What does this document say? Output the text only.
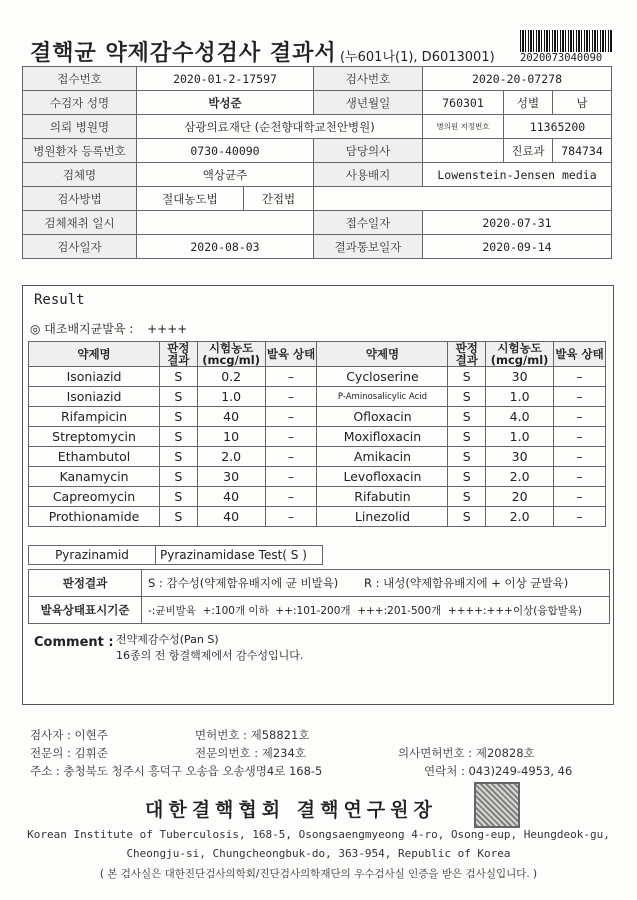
결핵균 약제감수성검사 결과서 (누601나(1), D6013001) 2020073040090
접수번호	2020-01-2-17597		검사번호	2020-20-07278		
수검자 성명	박성준		생년월일	760301	성별	남
의뢰 병원명	삼광의료재단 (순천향대학교천안병원)			병의원 지정번호	11365200	
병원환자 등록번호	0730-40090		담당의사		진료과	784734
검체명	액상균주		사용배지	Lowenstein-Jensen media		
검사방법	절대농도법	간접법				
검체채취 일시			접수일자	2020-07-31		
검사일자	2020-08-03		결과통보일자	2020-09-14		
Result
◎ 대조배지균발육 : ++++
약제명	판정 결과	시험농도 (mcg/ml)	발육 상태	약제명	판정 결과	시험농도 (mcg/ml)	발육 상태
Isoniazid	S	0.2	–	Cycloserine	S	30	–
Isoniazid	S	1.0	–	P-Aminosalicylic Acid	S	1.0	–
Rifampicin	S	40	–	Ofloxacin	S	4.0	–
Streptomycin	S	10	–	Moxifloxacin	S	1.0	–
Ethambutol	S	2.0	–	Amikacin	S	30	–
Kanamycin	S	30	–	Levofloxacin	S	2.0	–
Capreomycin	S	40	–	Rifabutin	S	20	–
Prothionamide	S	40	–	Linezolid	S	2.0	–
Pyrazinamid	Pyrazinamidase Test( S )
판정결과	S : 감수성(약제함유배지에 균 비발육) R : 내성(약제함유배지에 + 이상 균발육)
발육상태표시기준	-:균비발육  +:100개 이하  ++:101-200개  +++:201-500개  ++++:+++이상(융합발육)
Comment : 전약제감수성(Pan S)
16종의 전 항결핵제에서 감수성입니다.
검사자 : 이현주	면허번호 : 제58821호
전문의 : 김휘준	전문의번호 : 제234호	의사면허번호 : 제20828호
주소 : 충청북도 청주시 흥덕구 오송읍 오송생명4로 168-5	연락처 : 043)249-4953, 46
대한결핵협회 결핵연구원장
Korean Institute of Tuberculosis, 168-5, Osongsaengmyeong 4-ro, Osong-eup, Heungdeok-gu,
Cheongju-si, Chungcheongbuk-do, 363-954, Republic of Korea
( 본 검사실은 대한진단검사의학회/진단검사의학재단의 우수검사실 인증을 받은 검사실입니다. )
